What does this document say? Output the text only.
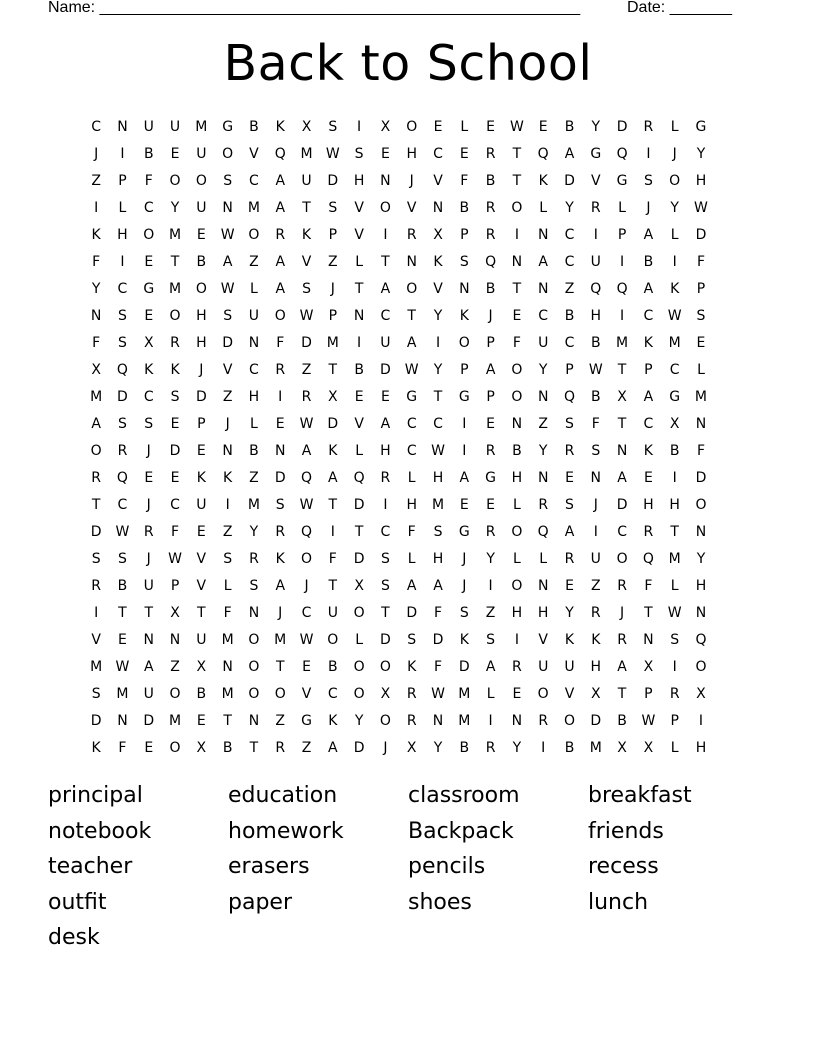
Name: ______________________________________________________	Date: _______
Back to School
C	N	U	U	M	G	B	K	X	S	I	X	O	E	L	E	W	E	B	Y	D	R	L	G
J	I	B	E	U	O	V	Q	M W	S	E	H	C	E	R	T	Q	A	G	Q	I	J	Y
Z	P	F	O	O	S	C	A	U	D	H	N	J	V	F	B	T	K	D	V	G	S	O	H
I	L	C	Y	U	N	M	A	T	S	V	O	V	N	B	R	O	L	Y	R	L	J	Y	W
K	H	O	M	E	W O	R	K	P	V	I	R	X	P	R	I	N	C	I	P	A	L	D
F	I	E	T	B	A	Z	A	V	Z	L	T	N	K	S	Q	N	A	C	U	I	B	I	F
Y	C	G	M	O W	L	A	S	J	T	A	O	V	N	B	T	N	Z	Q	Q	A	K	P
N	S	E	O	H	S	U	O W	P	N	C	T	Y	K	J	E	C	B	H	I	C	W	S
F	S	X	R	H	D	N	F	D	M	I	U	A	I	O	P	F	U	C	B	M	K	M	E
X	Q	K	K	J	V	C	R	Z	T	B	D W	Y	P	A	O	Y	P	W	T	P	C	L
M	D	C	S	D	Z	H	I	R	X	E	E	G	T	G	P	O	N	Q	B	X	A	G	M
A	S	S	E	P	J	L	E	W D	V	A	C	C	I	E	N	Z	S	F	T	C	X	N
O	R	J	D	E	N	B	N	A	K	L	H	C	W	I	R	B	Y	R	S	N	K	B	F
R	Q	E	E	K	K	Z	D	Q	A	Q	R	L	H	A	G	H	N	E	N	A	E	I	D
T	C	J	C	U	I	M	S	W	T	D	I	H	M	E	E	L	R	S	J	D	H	H	O
D W	R	F	E	Z	Y	R	Q	I	T	C	F	S	G	R	O	Q	A	I	C	R	T	N
S	S	J	W	V	S	R	K	O	F	D	S	L	H	J	Y	L	L	R	U	O	Q	M	Y
R	B	U	P	V	L	S	A	J	T	X	S	A	A	J	I	O	N	E	Z	R	F	L	H
I	T	T	X	T	F	N	J	C	U	O	T	D	F	S	Z	H	H	Y	R	J	T	W	N
V	E	N	N	U	M	O	M W O	L	D	S	D	K	S	I	V	K	K	R	N	S	Q
M W	A	Z	X	N	O	T	E	B	O	O	K	F	D	A	R	U	U	H	A	X	I	O
S	M	U	O	B	M	O	O	V	C	O	X	R	W M	L	E	O	V	X	T	P	R	X
D	N	D	M	E	T	N	Z	G	K	Y	O	R	N	M	I	N	R	O	D	B	W	P	I
K	F	E	O	X	B	T	R	Z	A	D	J	X	Y	B	R	Y	I	B	M	X	X	L	H
principal	education	classroom	breakfast
notebook	homework	Backpack	friends
teacher	erasers	pencils	recess
outfit	paper	shoes	lunch
desk
